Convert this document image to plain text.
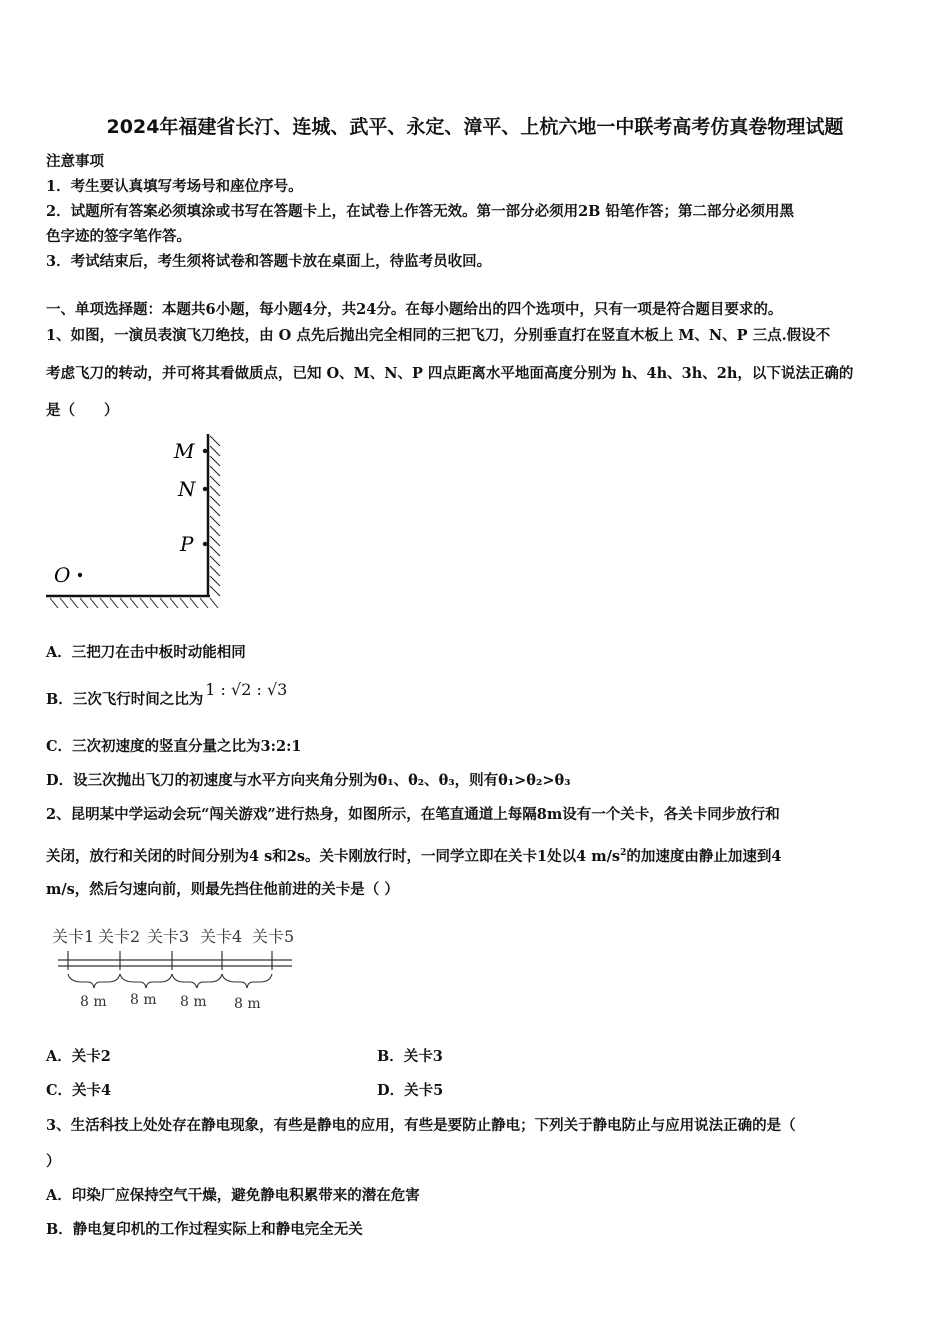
2024年福建省长汀、连城、武平、永定、漳平、上杭六地一中联考高考仿真卷物理试题
注意事项
1．考生要认真填写考场号和座位序号。
2．试题所有答案必须填涂或书写在答题卡上，在试卷上作答无效。第一部分必须用2B 铅笔作答；第二部分必须用黑
色字迹的签字笔作答。
3．考试结束后，考生须将试卷和答题卡放在桌面上，待监考员收回。
一、单项选择题：本题共6小题，每小题4分，共24分。在每小题给出的四个选项中，只有一项是符合题目要求的。
1、如图，一演员表演飞刀绝技，由 O 点先后抛出完全相同的三把飞刀，分别垂直打在竖直木板上 M、N、P 三点.假设不
考虑飞刀的转动，并可将其看做质点，已知 O、M、N、P 四点距离水平地面高度分别为 h、4h、3h、2h，以下说法正确的
是（　　）
M
N
P
O
A．三把刀在击中板时动能相同
B．三次飞行时间之比为1 : √2 : √3
C．三次初速度的竖直分量之比为3:2:1
D．设三次抛出飞刀的初速度与水平方向夹角分别为θ₁、θ₂、θ₃，则有θ₁>θ₂>θ₃
2、昆明某中学运动会玩“闯关游戏”进行热身，如图所示，在笔直通道上每隔8m设有一个关卡，各关卡同步放行和
关闭，放行和关闭的时间分别为4 s和2s。关卡刚放行时，一同学立即在关卡1处以4 $m/s^2$的加速度由静止加速到4
m/s，然后匀速向前，则最先挡住他前进的关卡是（ ）
关卡1 关卡2 关卡3 关卡4 关卡5
8 m 8 m 8 m 8 m
A．关卡2	B．关卡3
C．关卡4	D．关卡5
3、生活科技上处处存在静电现象，有些是静电的应用，有些是要防止静电；下列关于静电防止与应用说法正确的是（
）
A．印染厂应保持空气干燥，避免静电积累带来的潜在危害
B．静电复印机的工作过程实际上和静电完全无关
